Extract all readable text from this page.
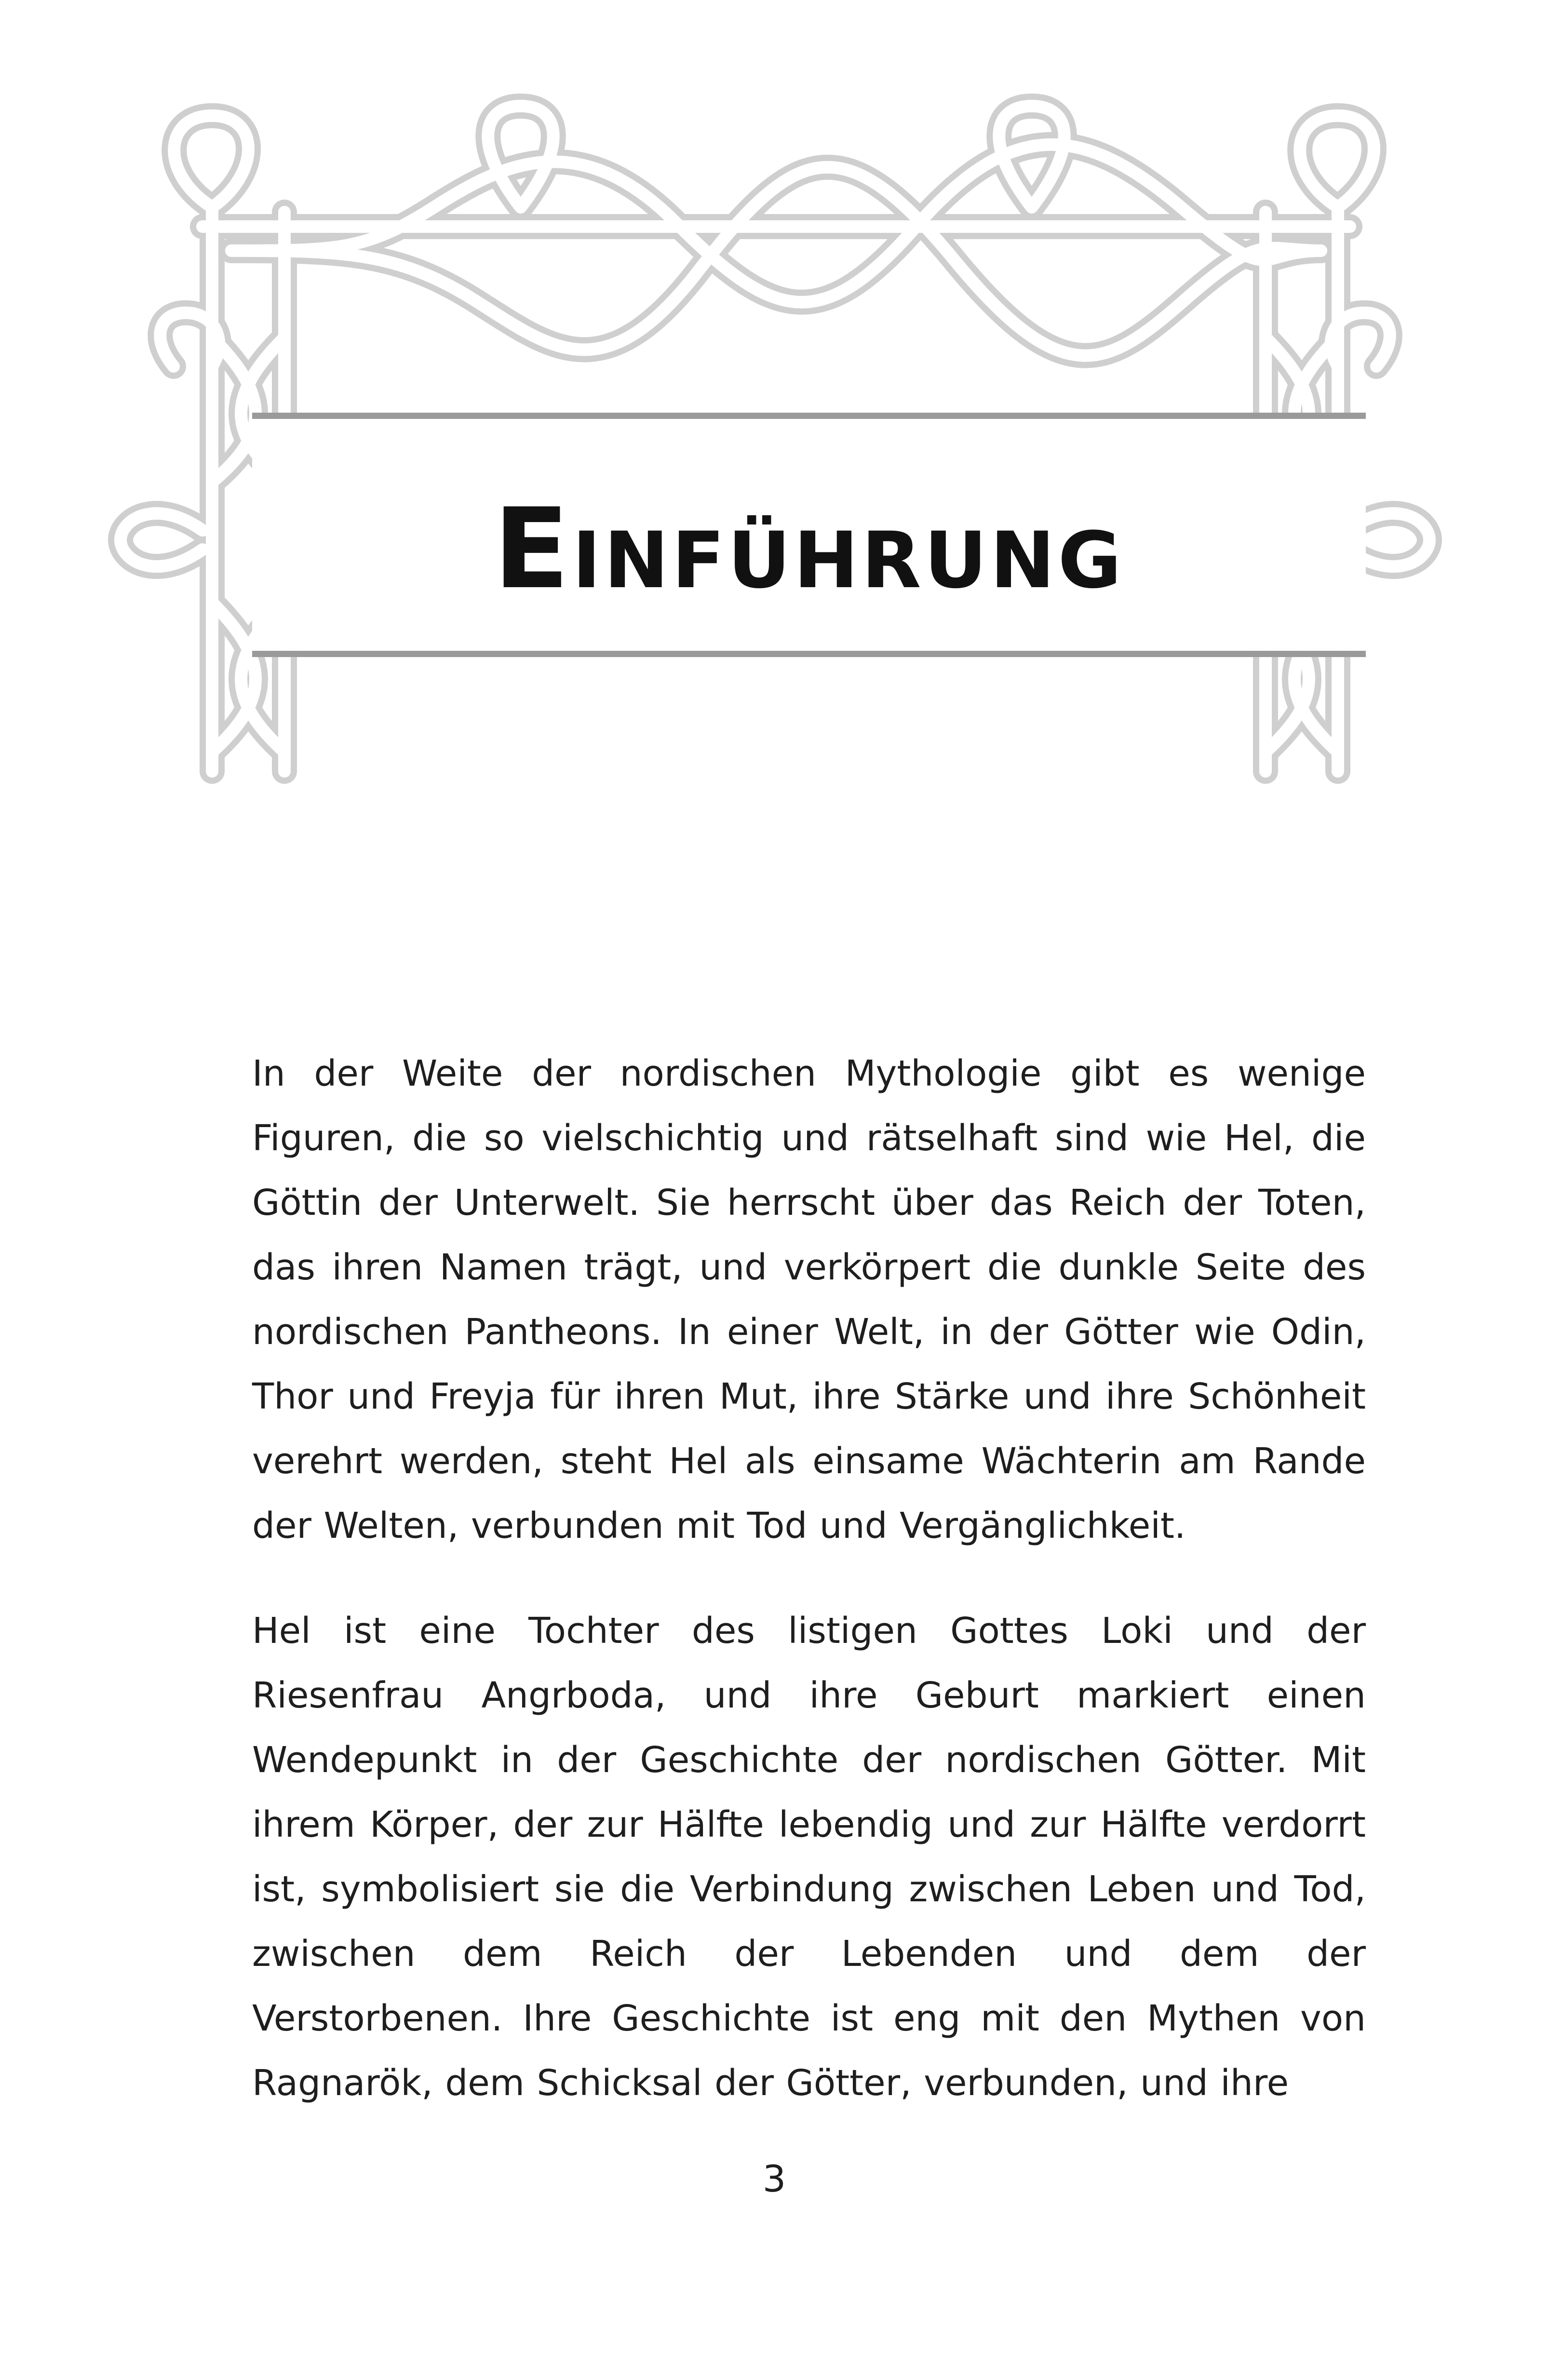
Einführung

In der Weite der nordischen Mythologie gibt es wenige Figuren, die so vielschichtig und rätselhaft sind wie Hel, die Göttin der Unterwelt. Sie herrscht über das Reich der Toten, das ihren Namen trägt, und verkörpert die dunkle Seite des nordischen Pantheons. In einer Welt, in der Götter wie Odin, Thor und Freyja für ihren Mut, ihre Stärke und ihre Schönheit verehrt werden, steht Hel als einsame Wächterin am Rande der Welten, verbunden mit Tod und Vergänglichkeit.

Hel ist eine Tochter des listigen Gottes Loki und der Riesenfrau Angrboda, und ihre Geburt markiert einen Wendepunkt in der Geschichte der nordischen Götter. Mit ihrem Körper, der zur Hälfte lebendig und zur Hälfte verdorrt ist, symbolisiert sie die Verbindung zwischen Leben und Tod, zwischen dem Reich der Lebenden und dem der Verstorbenen. Ihre Geschichte ist eng mit den Mythen von Ragnarök, dem Schicksal der Götter, verbunden, und ihre

3
